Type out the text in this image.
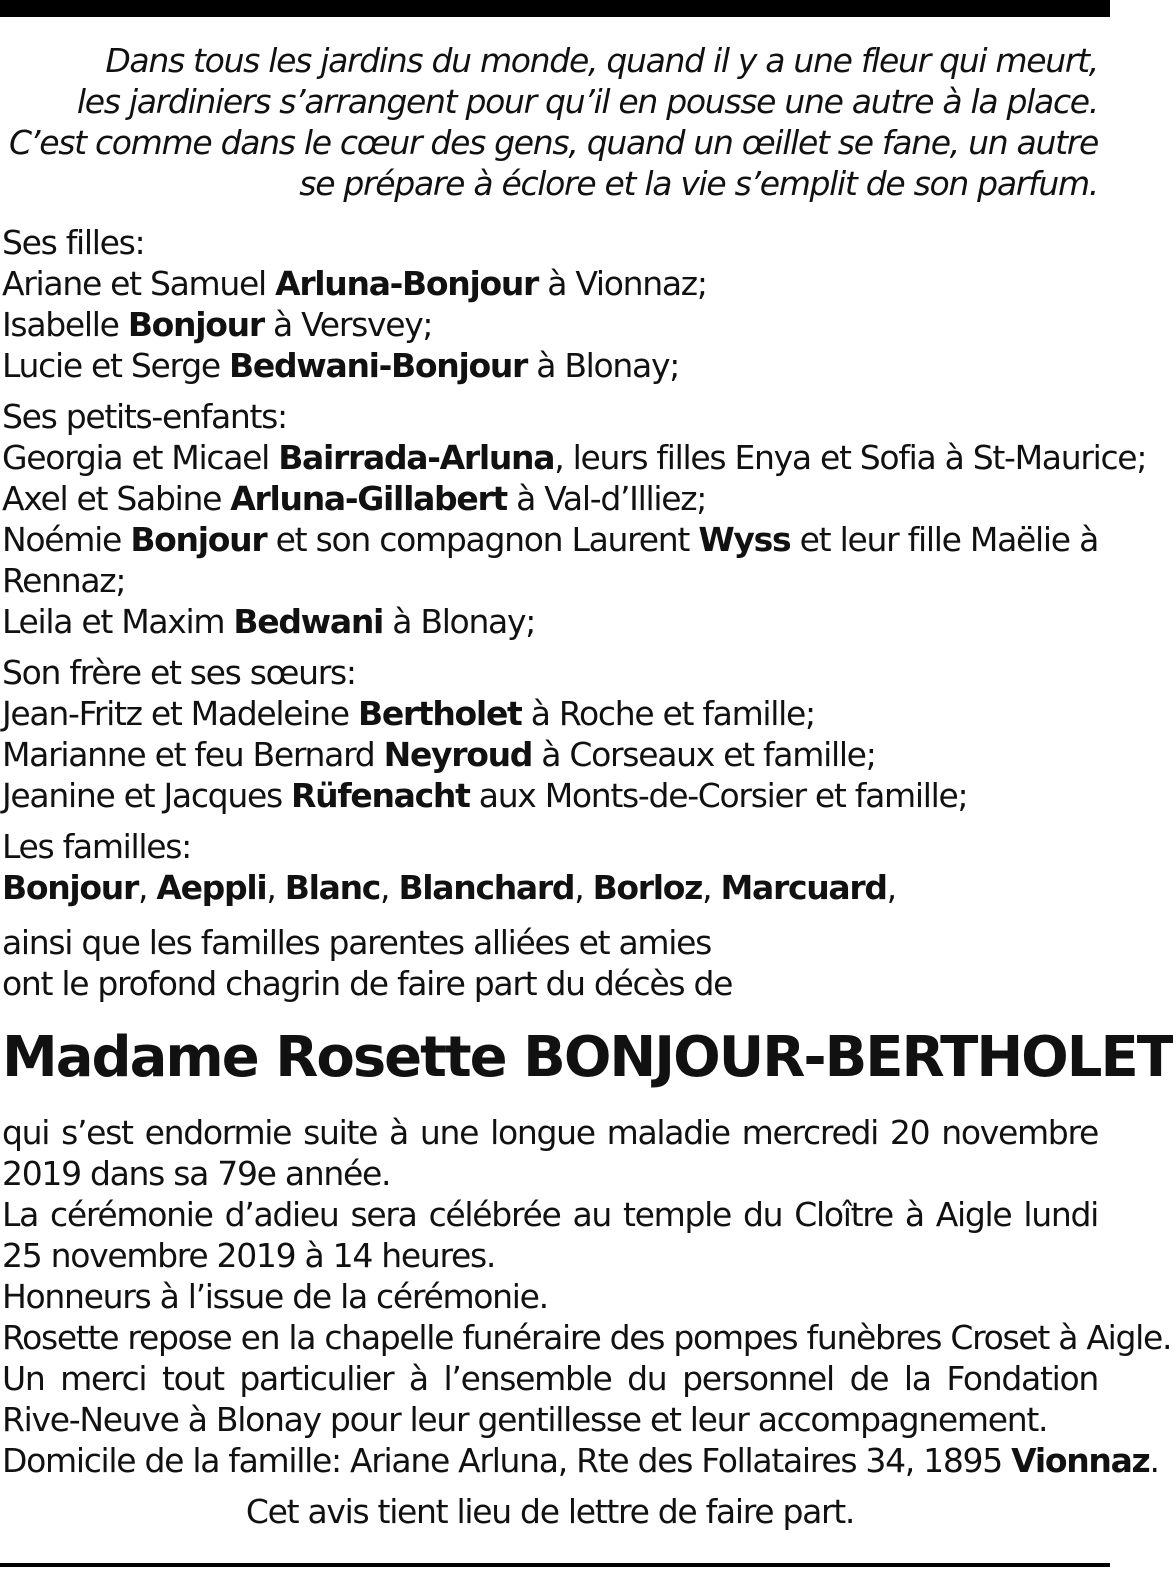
Dans tous les jardins du monde, quand il y a une fleur qui meurt,
les jardiniers s’arrangent pour qu’il en pousse une autre à la place.
C’est comme dans le cœur des gens, quand un œillet se fane, un autre
se prépare à éclore et la vie s’emplit de son parfum.
Ses filles:
Ariane et Samuel Arluna-Bonjour à Vionnaz;
Isabelle Bonjour à Versvey;
Lucie et Serge Bedwani-Bonjour à Blonay;
Ses petits-enfants:
Georgia et Micael Bairrada-Arluna, leurs filles Enya et Sofia à St-Maurice;
Axel et Sabine Arluna-Gillabert à Val-d’Illiez;
Noémie Bonjour et son compagnon Laurent Wyss et leur fille Maëlie à Rennaz;
Leila et Maxim Bedwani à Blonay;
Son frère et ses sœurs:
Jean-Fritz et Madeleine Bertholet à Roche et famille;
Marianne et feu Bernard Neyroud à Corseaux et famille;
Jeanine et Jacques Rüfenacht aux Monts-de-Corsier et famille;
Les familles:
Bonjour, Aeppli, Blanc, Blanchard, Borloz, Marcuard,
ainsi que les familles parentes alliées et amies
ont le profond chagrin de faire part du décès de
Madame Rosette BONJOUR-BERTHOLET
qui s’est endormie suite à une longue maladie mercredi 20 novembre 2019 dans sa 79e année.
La cérémonie d’adieu sera célébrée au temple du Cloître à Aigle lundi 25 novembre 2019 à 14 heures.
Honneurs à l’issue de la cérémonie.
Rosette repose en la chapelle funéraire des pompes funèbres Croset à Aigle.
Un merci tout particulier à l’ensemble du personnel de la Fondation Rive-Neuve à Blonay pour leur gentillesse et leur accompagnement.
Domicile de la famille: Ariane Arluna, Rte des Follataires 34, 1895 Vionnaz.
Cet avis tient lieu de lettre de faire part.
